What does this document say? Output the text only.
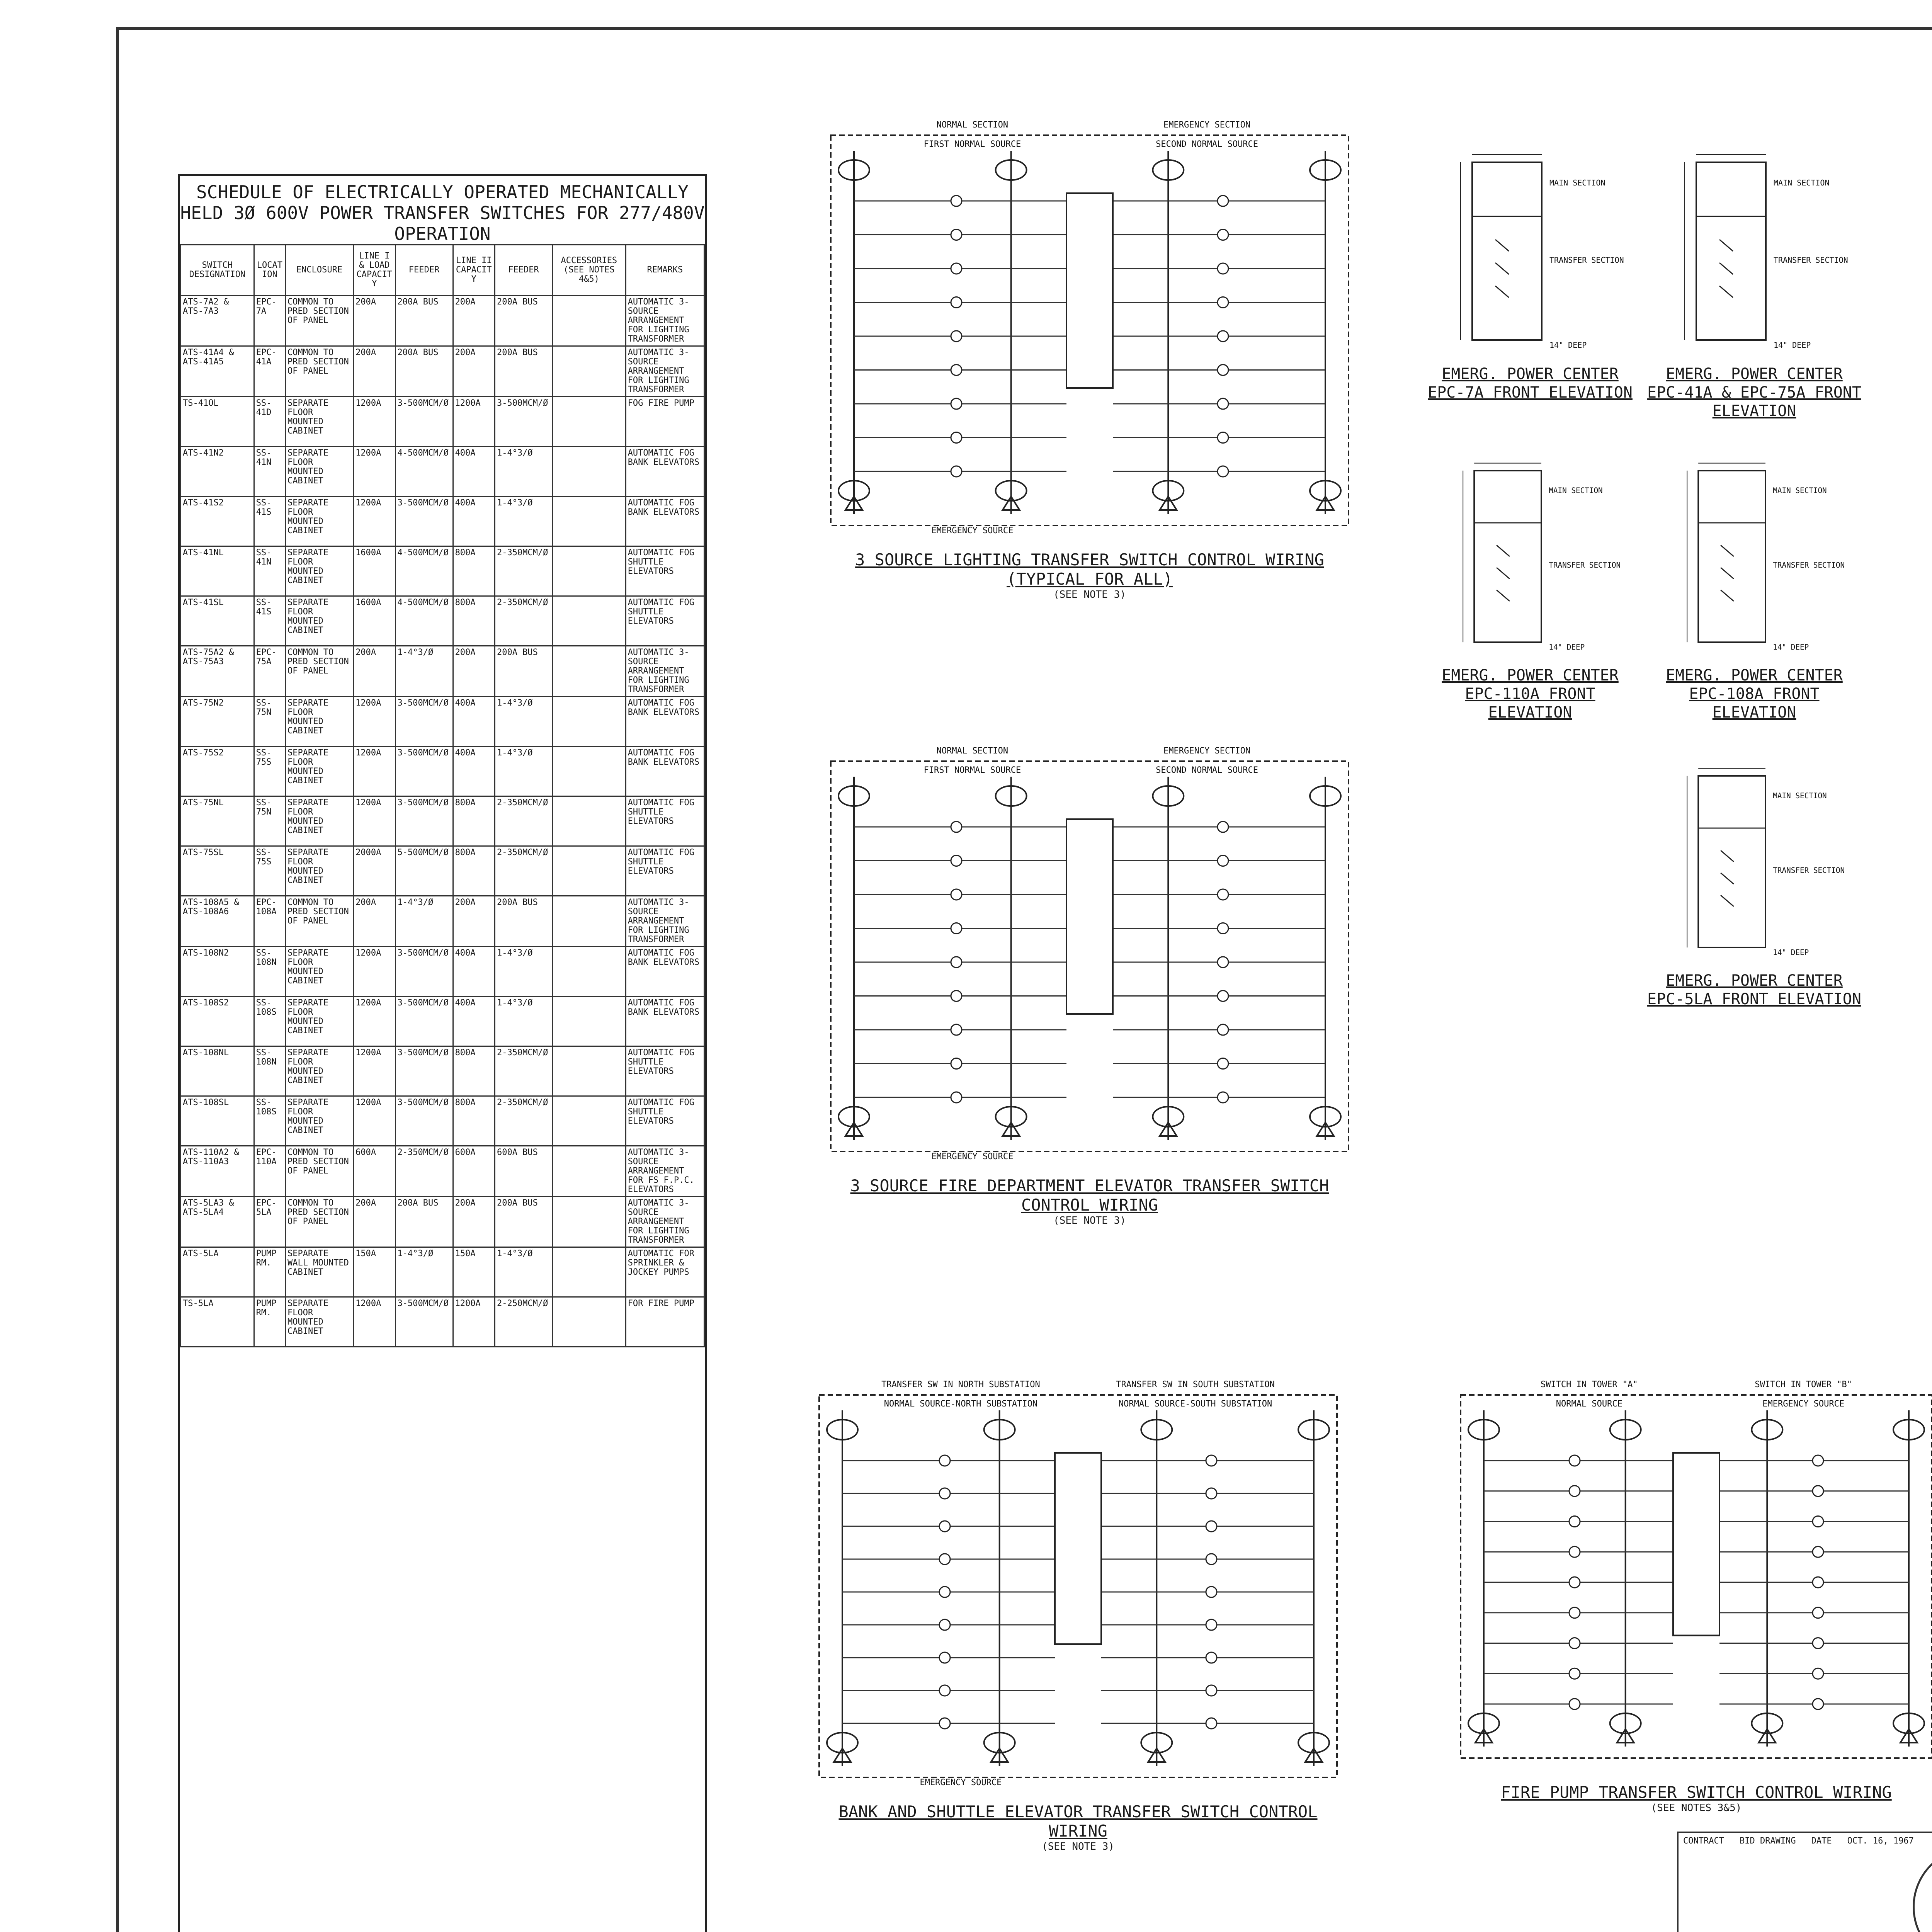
SCHEDULE OF ELECTRICALLY OPERATED MECHANICALLY HELD 3Ø 600V POWER TRANSFER SWITCHES FOR 277/480V OPERATION
SWITCH DESIGNATION	LOCATION	ENCLOSURE	LINE I & LOAD CAPACITY	FEEDER	LINE II CAPACITY	FEEDER	ACCESSORIES (SEE NOTES 4&5)	REMARKS
ATS-7A2 & ATS-7A3	EPC-7A	COMMON TO PRED SECTION OF PANEL	200A	200A BUS	200A	200A BUS		AUTOMATIC 3-SOURCE ARRANGEMENT FOR LIGHTING TRANSFORMER
ATS-41A4 & ATS-41A5	EPC-41A	COMMON TO PRED SECTION OF PANEL	200A	200A BUS	200A	200A BUS		AUTOMATIC 3-SOURCE ARRANGEMENT FOR LIGHTING TRANSFORMER
TS-41OL	SS-41D	SEPARATE FLOOR MOUNTED CABINET	1200A	3-500MCM/Ø	1200A	3-500MCM/Ø		FOG FIRE PUMP
ATS-41N2	SS-41N	SEPARATE FLOOR MOUNTED CABINET	1200A	4-500MCM/Ø	400A	1-4°3/Ø		AUTOMATIC FOG BANK ELEVATORS
ATS-41S2	SS-41S	SEPARATE FLOOR MOUNTED CABINET	1200A	3-500MCM/Ø	400A	1-4°3/Ø		AUTOMATIC FOG BANK ELEVATORS
ATS-41NL	SS-41N	SEPARATE FLOOR MOUNTED CABINET	1600A	4-500MCM/Ø	800A	2-350MCM/Ø		AUTOMATIC FOG SHUTTLE ELEVATORS
ATS-41SL	SS-41S	SEPARATE FLOOR MOUNTED CABINET	1600A	4-500MCM/Ø	800A	2-350MCM/Ø		AUTOMATIC FOG SHUTTLE ELEVATORS
ATS-75A2 & ATS-75A3	EPC-75A	COMMON TO PRED SECTION OF PANEL	200A	1-4°3/Ø	200A	200A BUS		AUTOMATIC 3-SOURCE ARRANGEMENT FOR LIGHTING TRANSFORMER
ATS-75N2	SS-75N	SEPARATE FLOOR MOUNTED CABINET	1200A	3-500MCM/Ø	400A	1-4°3/Ø		AUTOMATIC FOG BANK ELEVATORS
ATS-75S2	SS-75S	SEPARATE FLOOR MOUNTED CABINET	1200A	3-500MCM/Ø	400A	1-4°3/Ø		AUTOMATIC FOG BANK ELEVATORS
ATS-75NL	SS-75N	SEPARATE FLOOR MOUNTED CABINET	1200A	3-500MCM/Ø	800A	2-350MCM/Ø		AUTOMATIC FOG SHUTTLE ELEVATORS
ATS-75SL	SS-75S	SEPARATE FLOOR MOUNTED CABINET	2000A	5-500MCM/Ø	800A	2-350MCM/Ø		AUTOMATIC FOG SHUTTLE ELEVATORS
ATS-108A5 & ATS-108A6	EPC-108A	COMMON TO PRED SECTION OF PANEL	200A	1-4°3/Ø	200A	200A BUS		AUTOMATIC 3-SOURCE ARRANGEMENT FOR LIGHTING TRANSFORMER
ATS-108N2	SS-108N	SEPARATE FLOOR MOUNTED CABINET	1200A	3-500MCM/Ø	400A	1-4°3/Ø		AUTOMATIC FOG BANK ELEVATORS
ATS-108S2	SS-108S	SEPARATE FLOOR MOUNTED CABINET	1200A	3-500MCM/Ø	400A	1-4°3/Ø		AUTOMATIC FOG BANK ELEVATORS
ATS-108NL	SS-108N	SEPARATE FLOOR MOUNTED CABINET	1200A	3-500MCM/Ø	800A	2-350MCM/Ø		AUTOMATIC FOG SHUTTLE ELEVATORS
ATS-108SL	SS-108S	SEPARATE FLOOR MOUNTED CABINET	1200A	3-500MCM/Ø	800A	2-350MCM/Ø		AUTOMATIC FOG SHUTTLE ELEVATORS
ATS-110A2 & ATS-110A3	EPC-110A	COMMON TO PRED SECTION OF PANEL	600A	2-350MCM/Ø	600A	600A BUS		AUTOMATIC 3-SOURCE ARRANGEMENT FOR FS F.P.C. ELEVATORS
ATS-5LA3 & ATS-5LA4	EPC-5LA	COMMON TO PRED SECTION OF PANEL	200A	200A BUS	200A	200A BUS		AUTOMATIC 3-SOURCE ARRANGEMENT FOR LIGHTING TRANSFORMER
ATS-5LA	PUMP RM.	SEPARATE WALL MOUNTED CABINET	150A	1-4°3/Ø	150A	1-4°3/Ø		AUTOMATIC FOR SPRINKLER & JOCKEY PUMPS
TS-5LA	PUMP RM.	SEPARATE FLOOR MOUNTED CABINET	1200A	3-500MCM/Ø	1200A	2-250MCM/Ø		FOR FIRE PUMP
NORMAL SECTION	EMERGENCY SECTION
FIRST NORMAL SOURCE	SECOND NORMAL SOURCE
EMERGENCY SOURCE
3 SOURCE LIGHTING TRANSFER SWITCH CONTROL WIRING (TYPICAL FOR ALL)
(SEE NOTE 3)
NORMAL SECTION	EMERGENCY SECTION
FIRST NORMAL SOURCE	SECOND NORMAL SOURCE
EMERGENCY SOURCE
3 SOURCE FIRE DEPARTMENT ELEVATOR TRANSFER SWITCH CONTROL WIRING
(SEE NOTE 3)
TRANSFER SW IN NORTH SUBSTATION	TRANSFER SW IN SOUTH SUBSTATION
NORMAL SOURCE-NORTH SUBSTATION	NORMAL SOURCE-SOUTH SUBSTATION
EMERGENCY SOURCE
BANK AND SHUTTLE ELEVATOR TRANSFER SWITCH CONTROL WIRING
(SEE NOTE 3)
SWITCH IN TOWER "A"	SWITCH IN TOWER "B"
NORMAL SOURCE	EMERGENCY SOURCE
FIRE PUMP TRANSFER SWITCH CONTROL WIRING
(SEE NOTES 3&5)
MAIN SECTION
TRANSFER SECTION
14" DEEP
EMERG. POWER CENTER EPC-7A FRONT ELEVATION
MAIN SECTION
TRANSFER SECTION
14" DEEP
EMERG. POWER CENTER EPC-41A & EPC-75A FRONT ELEVATION
MAIN SECTION
TRANSFER SECTION
14" DEEP
EMERG. POWER CENTER EPC-110A FRONT ELEVATION
MAIN SECTION
TRANSFER SECTION
14" DEEP
EMERG. POWER CENTER EPC-108A FRONT ELEVATION
MAIN SECTION
TRANSFER SECTION
14" DEEP
EMERG. POWER CENTER EPC-5LA FRONT ELEVATION

CONTRACT BID DRAWING DATE OCT. 16, 1967
